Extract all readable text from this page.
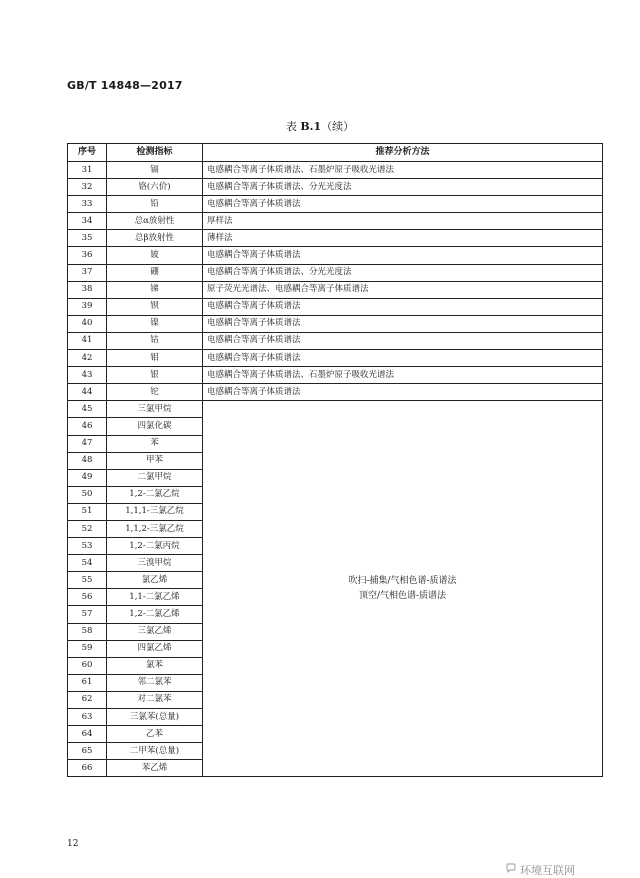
GB/T 14848—2017
表 B.1（续）
序号	检测指标	推荐分析方法
31	镉	电感耦合等离子体质谱法、石墨炉原子吸收光谱法
32	铬(六价)	电感耦合等离子体质谱法、分光光度法
33	铅	电感耦合等离子体质谱法
34	总α放射性	厚样法
35	总β放射性	薄样法
36	铍	电感耦合等离子体质谱法
37	硼	电感耦合等离子体质谱法、分光光度法
38	锑	原子荧光光谱法、电感耦合等离子体质谱法
39	钡	电感耦合等离子体质谱法
40	镍	电感耦合等离子体质谱法
41	钴	电感耦合等离子体质谱法
42	钼	电感耦合等离子体质谱法
43	银	电感耦合等离子体质谱法、石墨炉原子吸收光谱法
44	铊	电感耦合等离子体质谱法
45	三氯甲烷	吹扫-捕集/气相色谱-质谱法
顶空/气相色谱-质谱法

46	四氯化碳	
47	苯	
48	甲苯	
49	二氯甲烷	
50	1,2-二氯乙烷	
51	1,1,1-三氯乙烷	
52	1,1,2-三氯乙烷	
53	1,2-二氯丙烷	
54	三溴甲烷	
55	氯乙烯	
56	1,1-二氯乙烯	
57	1,2-二氯乙烯	
58	三氯乙烯	
59	四氯乙烯	
60	氯苯	
61	邻二氯苯	
62	对二氯苯	
63	三氯苯(总量)	
64	乙苯	
65	二甲苯(总量)	
66	苯乙烯	
12
环境互联网
